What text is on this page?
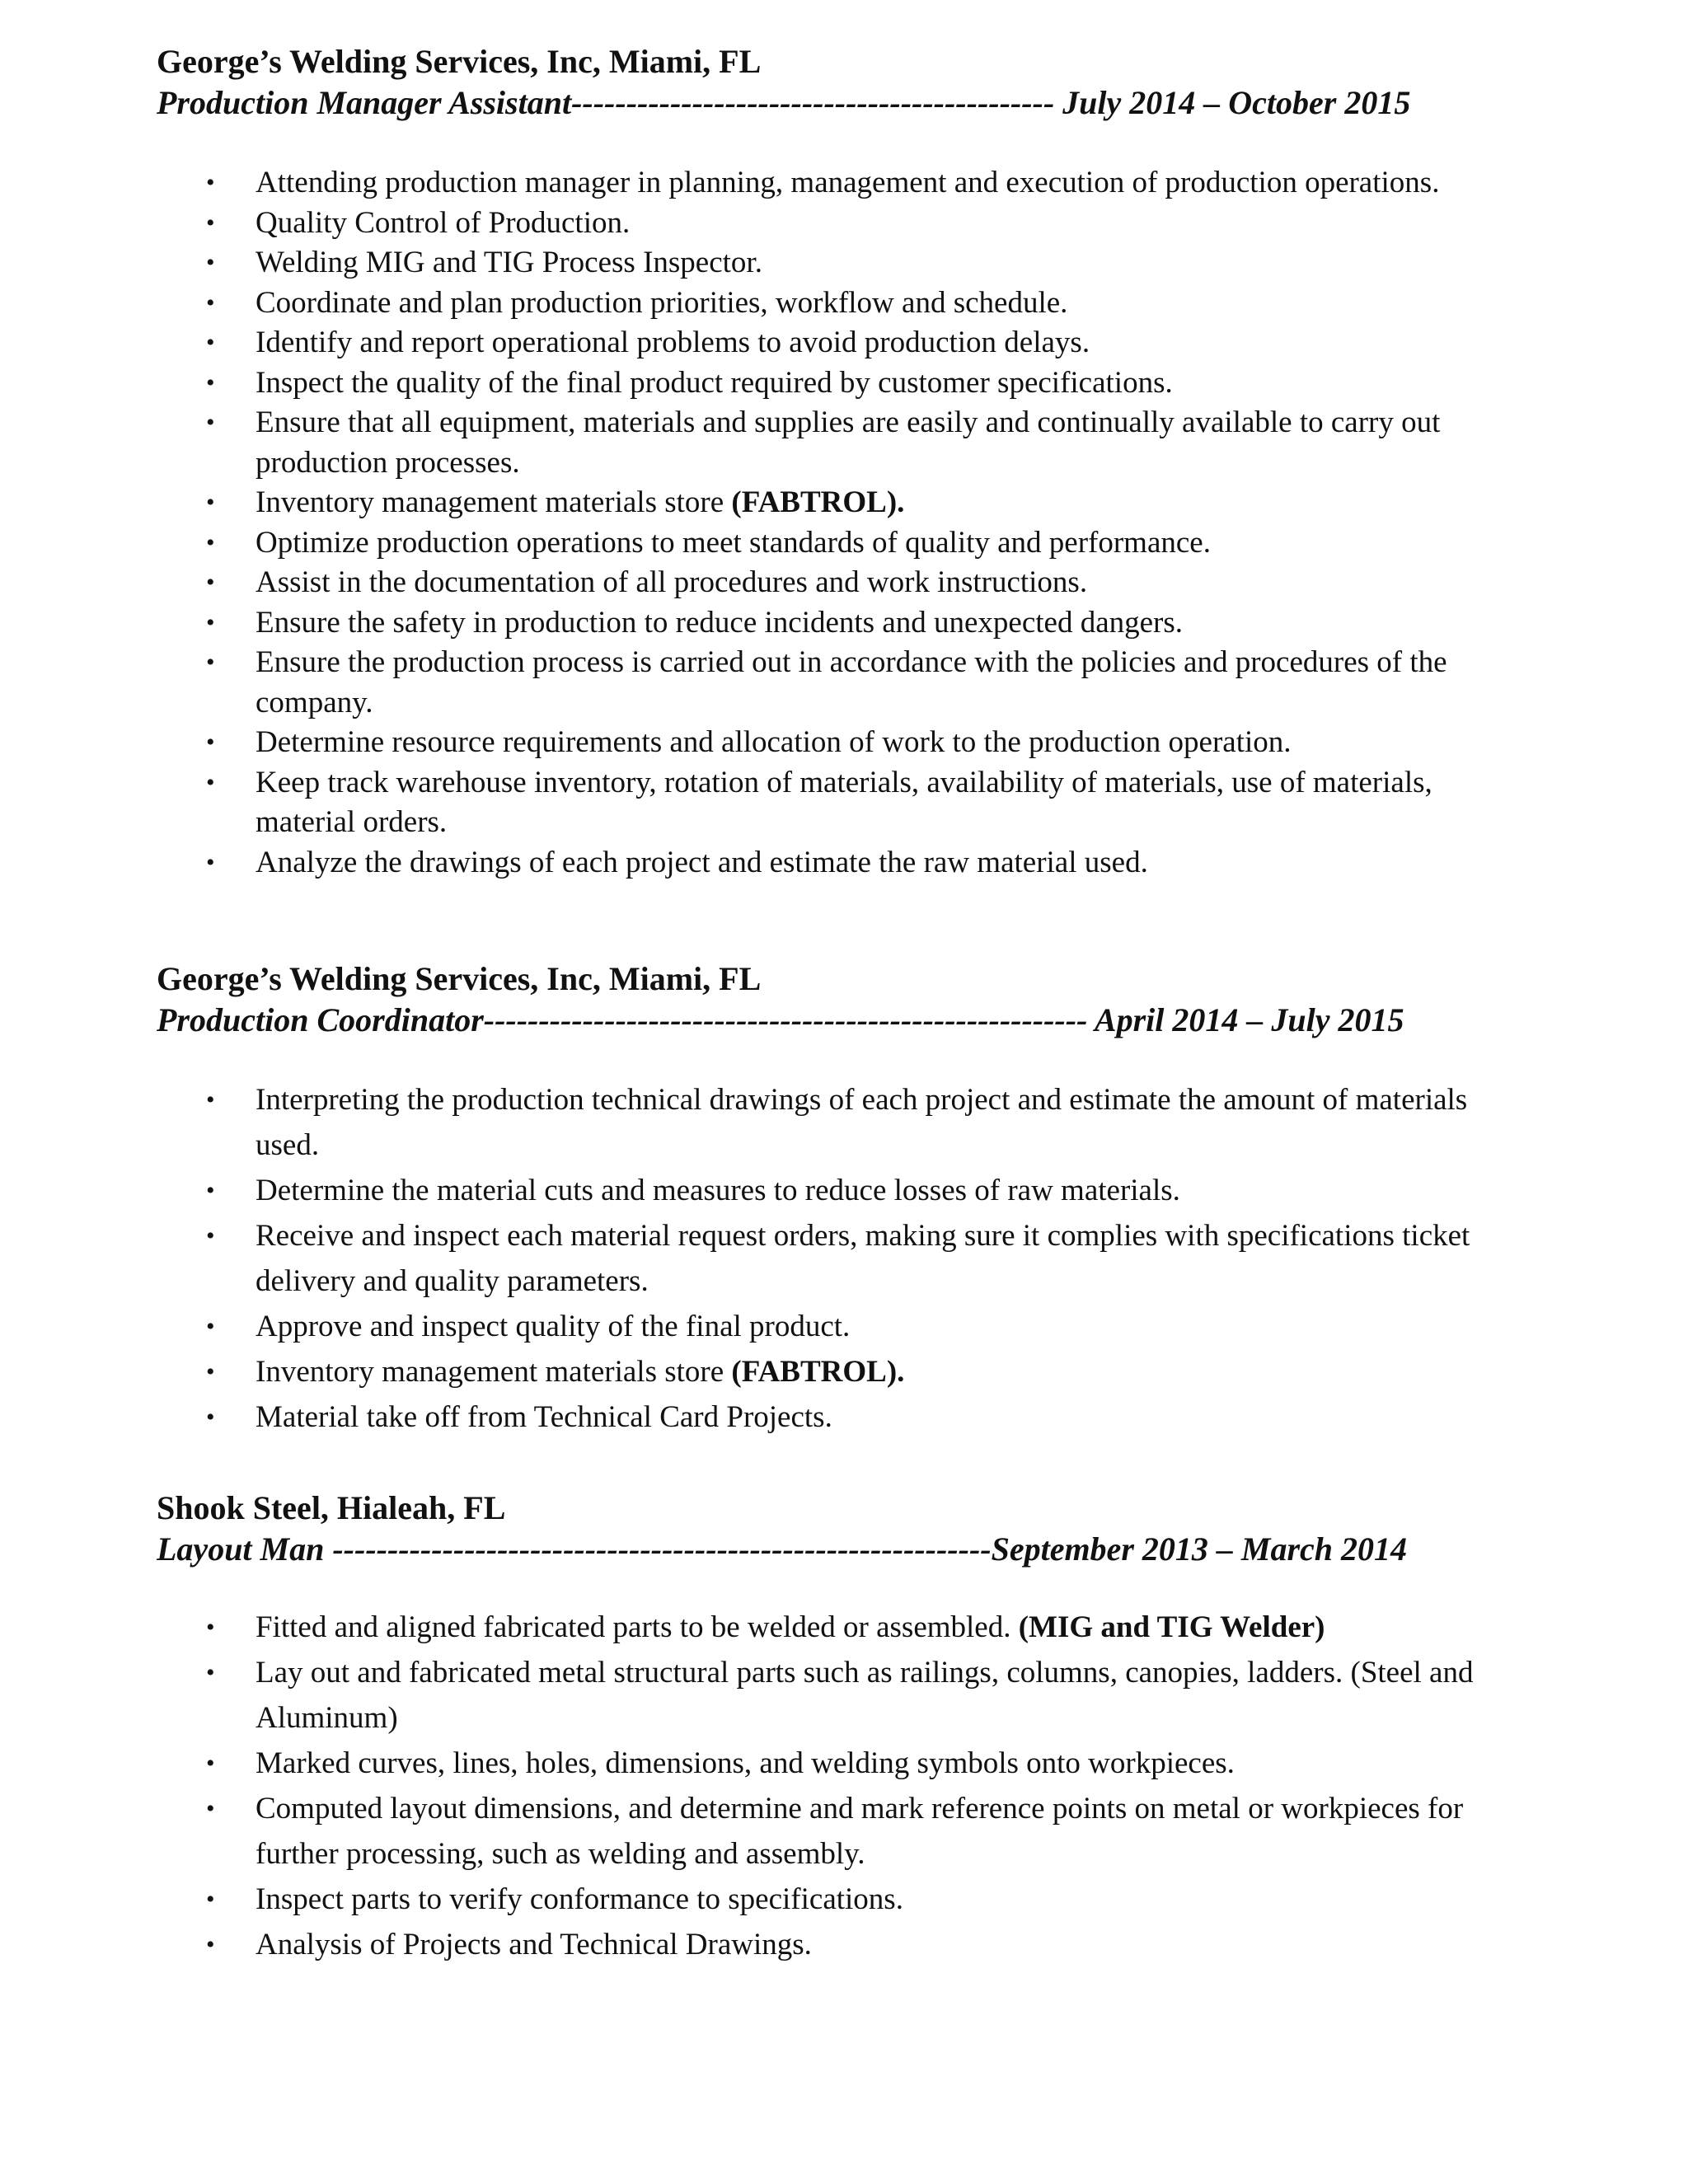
George’s Welding Services, Inc, Miami, FL
Production Manager Assistant-------------------------------------------- July 2014 – October 2015
• Attending production manager in planning, management and execution of production operations.
• Quality Control of Production.
• Welding MIG and TIG Process Inspector.
• Coordinate and plan production priorities, workflow and schedule.
• Identify and report operational problems to avoid production delays.
• Inspect the quality of the final product required by customer specifications.
• Ensure that all equipment, materials and supplies are easily and continually available to carry out production processes.
• Inventory management materials store (FABTROL).
• Optimize production operations to meet standards of quality and performance.
• Assist in the documentation of all procedures and work instructions.
• Ensure the safety in production to reduce incidents and unexpected dangers.
• Ensure the production process is carried out in accordance with the policies and procedures of the company.
• Determine resource requirements and allocation of work to the production operation.
• Keep track warehouse inventory, rotation of materials, availability of materials, use of materials, material orders.
• Analyze the drawings of each project and estimate the raw material used.
George’s Welding Services, Inc, Miami, FL
Production Coordinator------------------------------------------------------- April 2014 – July 2015
• Interpreting the production technical drawings of each project and estimate the amount of materials used.
• Determine the material cuts and measures to reduce losses of raw materials.
• Receive and inspect each material request orders, making sure it complies with specifications ticket delivery and quality parameters.
• Approve and inspect quality of the final product.
• Inventory management materials store (FABTROL).
• Material take off from Technical Card Projects.
Shook Steel, Hialeah, FL
Layout Man ------------------------------------------------------------September 2013 – March 2014
• Fitted and aligned fabricated parts to be welded or assembled. (MIG and TIG Welder)
• Lay out and fabricated metal structural parts such as railings, columns, canopies, ladders. (Steel and Aluminum)
• Marked curves, lines, holes, dimensions, and welding symbols onto workpieces.
• Computed layout dimensions, and determine and mark reference points on metal or workpieces for further processing, such as welding and assembly.
• Inspect parts to verify conformance to specifications.
• Analysis of Projects and Technical Drawings.
